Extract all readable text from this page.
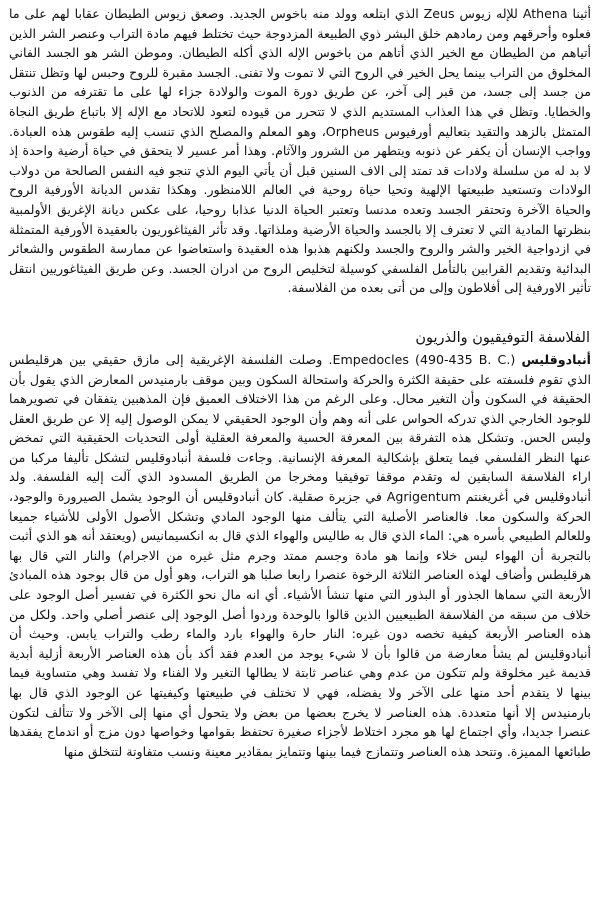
أثينا Athena للإله زيوس Zeus الذي ابتلعه وولد منه باخوس الجديد. وصعق زيوس الطيطان عقابا لهم على ما فعلوه وأحرقهم ومن رمادهم خلق البشر ذوي الطبيعة المزدوجة حيث تختلط فيهم مادة التراب وعنصر الشر الذين أتياهم من الطيطان مع الخير الذي أتاهم من باخوس الإله الذي أكله الطيطان. وموطن الشر هو الجسد الفاني المخلوق من التراب بينما يحل الخير في الروح التي لا تموت ولا تفنى. الجسد مقبرة للروح وحبس لها وتظل تنتقل من جسد إلى جسد، من قبر إلى آخر، عن طريق دورة الموت والولادة جزاء لها على ما تقترفه من الذنوب والخطايا. وتظل في هذا العذاب المستديم الذي لا تتحرر من قيوده لتعود للاتحاد مع الإله إلا باتباع طريق النجاة المتمثل بالزهد والتقيد بتعاليم أورفيوس Orpheus، وهو المعلم والمصلح الذي تنسب إليه طقوس هذه العبادة. وواجب الإنسان أن يكفر عن ذنوبه ويتطهر من الشرور والآثام. وهذا أمر عسير لا يتحقق في حياة أرضية واحدة إذ لا بد له من سلسلة ولادات قد تمتد إلى الاف السنين قبل أن يأتي اليوم الذي تنجو فيه النفس الصالحة من دولاب الولادات وتستعيد طبيعتها الإلهية وتحيا حياة روحية في العالم اللامنظور. وهكذا تقدس الديانة الأورفية الروح والحياة الآخرة وتحتقر الجسد وتعده مدنسا وتعتبر الحياة الدنيا عذابا روحيا، على عكس ديانة الإغريق الأولمبية بنظرتها المادية التي لا تعترف إلا بالجسد والحياة الأرضية وملذاتها. وقد تأثر الفيثاغوريون بالعقيدة الأورفية المتمثلة في ازدواجية الخير والشر والروح والجسد ولكنهم هذبوا هذه العقيدة واستعاضوا عن ممارسة الطقوس والشعائر البدائية وتقديم القرابين بالتأمل الفلسفي كوسيلة لتخليص الروح من ادران الجسد. وعن طريق الفيثاغوريين انتقل تأثير الاورفية إلى أفلاطون وإلى من أتى بعده من الفلاسفة.

الفلاسفة التوفيقيون والذريون

أنبادوقليس Empedocles (490-435 B. C.). وصلت الفلسفة الإغريقية إلى مازق حقيقي بين هرقليطس الذي تقوم فلسفته على حقيقة الكثرة والحركة واستحالة السكون وبين موقف بارمنيدس المعارض الذي يقول بأن الحقيقة في السكون وأن التغير محال. وعلى الرغم من هذا الاختلاف العميق فإن المذهبين يتفقان في تصويرهما للوجود الخارجي الذي تدركه الحواس على أنه وهم وأن الوجود الحقيقي لا يمكن الوصول إليه إلا عن طريق العقل وليس الحس. وتشكل هذه التفرقة بين المعرفة الحسية والمعرفة العقلية أولى التحديات الحقيقية التي تمخض عنها النظر الفلسفي فيما يتعلق بإشكالية المعرفة الإنسانية. وجاءت فلسفة أنبادوقليس لتشكل تأليفا مركبا من اراء الفلاسفة السابقين له وتقدم موقفا توفيقيا ومخرجا من الطريق المسدود الذي آلت إليه الفلسفة. ولد أنبادوقليس في أغريغنتم Agrigentum في جزيرة صقلية. كان أنبادوقليس أن الوجود يشمل الصيرورة والوجود، الحركة والسكون معا. فالعناصر الأصلية التي يتألف منها الوجود المادي وتشكل الأصول الأولى للأشياء جميعا وللعالم الطبيعي بأسره هي: الماء الذي قال به طاليس والهواء الذي قال به انكسيمانيس (ويعتقد أنه هو الذي أثبت بالتجربة أن الهواء ليس خلاء وإنما هو مادة وجسم ممتد وجرم مثل غيره من الاجرام) والنار التي قال بها هرقليطس وأضاف لهذه العناصر الثلاثة الرخوة عنصرا رابعا صلبا هو التراب، وهو أول من قال بوجود هذه المبادئ الأربعة التي سماها الجذور أو البذور التي منها تنشأ الأشياء. أي انه مال نحو الكثرة في تفسير أصل الوجود على خلاف من سبقه من الفلاسفة الطبيعيين الذين قالوا بالوحدة وردوا أصل الوجود إلى عنصر أصلي واحد. ولكل من هذه العناصر الأربعة كيفية تخصه دون غيره: النار حارة والهواء بارد والماء رطب والتراب يابس. وحيث أن أنبادوقليس لم يشأ معارضة من قالوا بأن لا شيء يوجد من العدم فقد أكد بأن هذه العناصر الأربعة أزلية أبدية قديمة غير مخلوقة ولم تتكون من عدم وهي عناصر ثابتة لا يطالها التغير ولا الفناء ولا تفسد وهي متساوية فيما بينها لا يتقدم أحد منها على الآخر ولا يفضله، فهي لا تختلف في طبيعتها وكيفيتها عن الوجود الذي قال بها بارمنيدس إلا أنها متعددة. هذه العناصر لا يخرج بعضها من بعض ولا يتحول أي منها إلى الآخر ولا تتألف لتكون عنصرا جديدا، وأي اجتماع لها هو مجرد اختلاط لأجزاء صغيرة تحتفظ بقوامها وخواصها دون مزج أو اندماج يفقدها طبائعها المميزة. وتتحد هذه العناصر وتتمازج فيما بينها وتتمايز بمقادير معينة ونسب متفاوتة لتتخلق منها
